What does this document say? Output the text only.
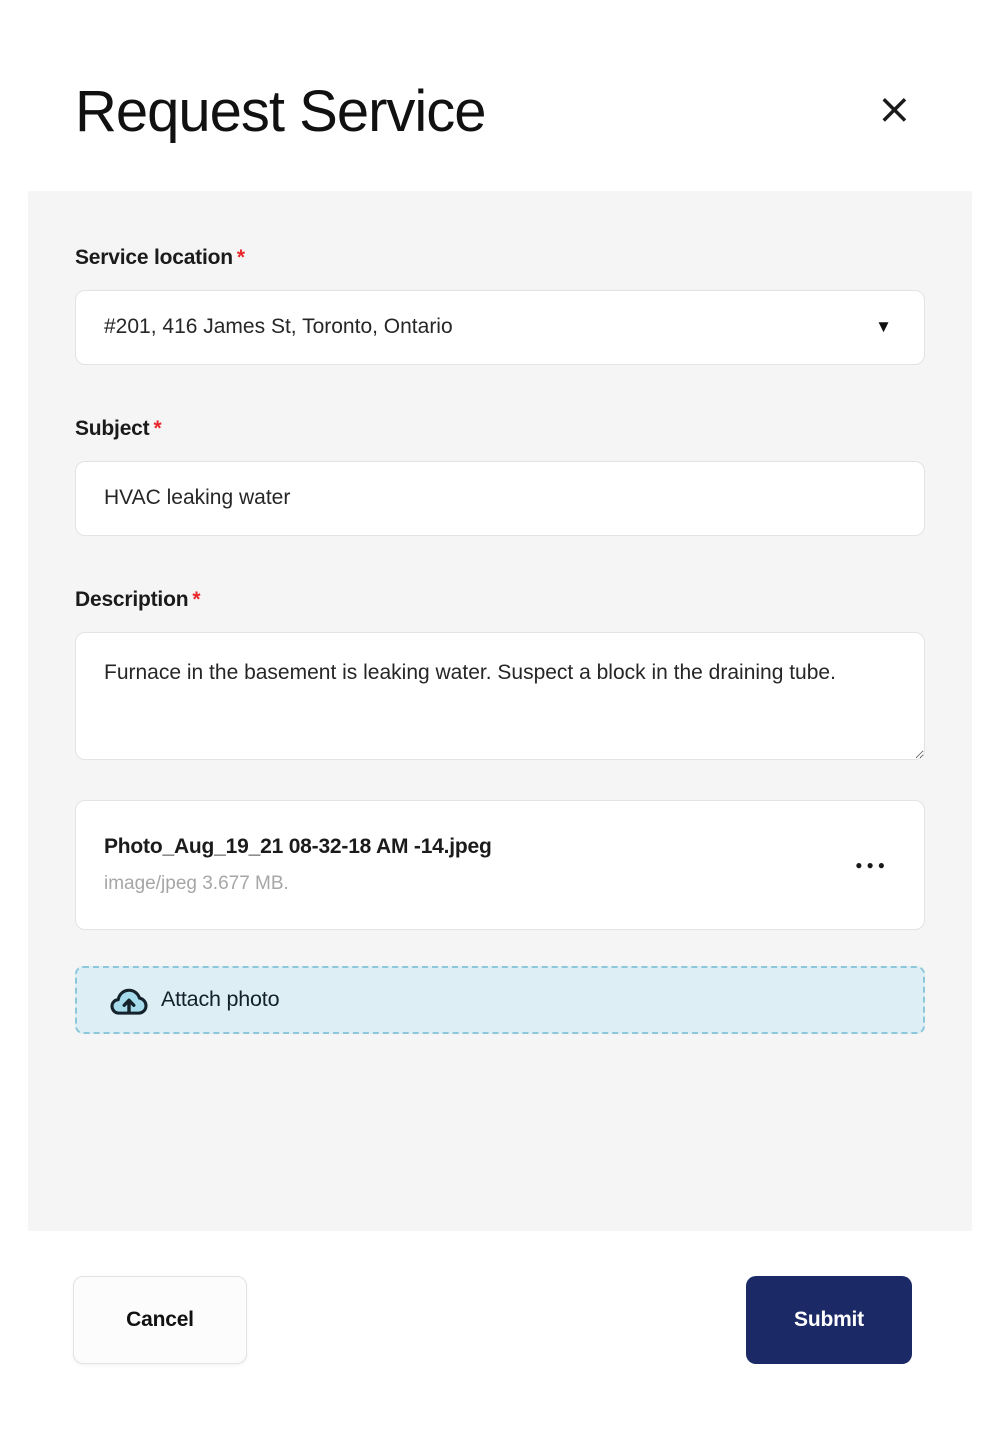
Request Service	×
Service location *
#201, 416 James St, Toronto, Ontario	▼
Subject *
HVAC leaking water
Description *
Furnace in the basement is leaking water. Suspect a block in the draining tube.
Photo_Aug_19_21 08-32-18 AM -14.jpeg
image/jpeg 3.677 MB.
●●●
Attach photo
Cancel	Submit
